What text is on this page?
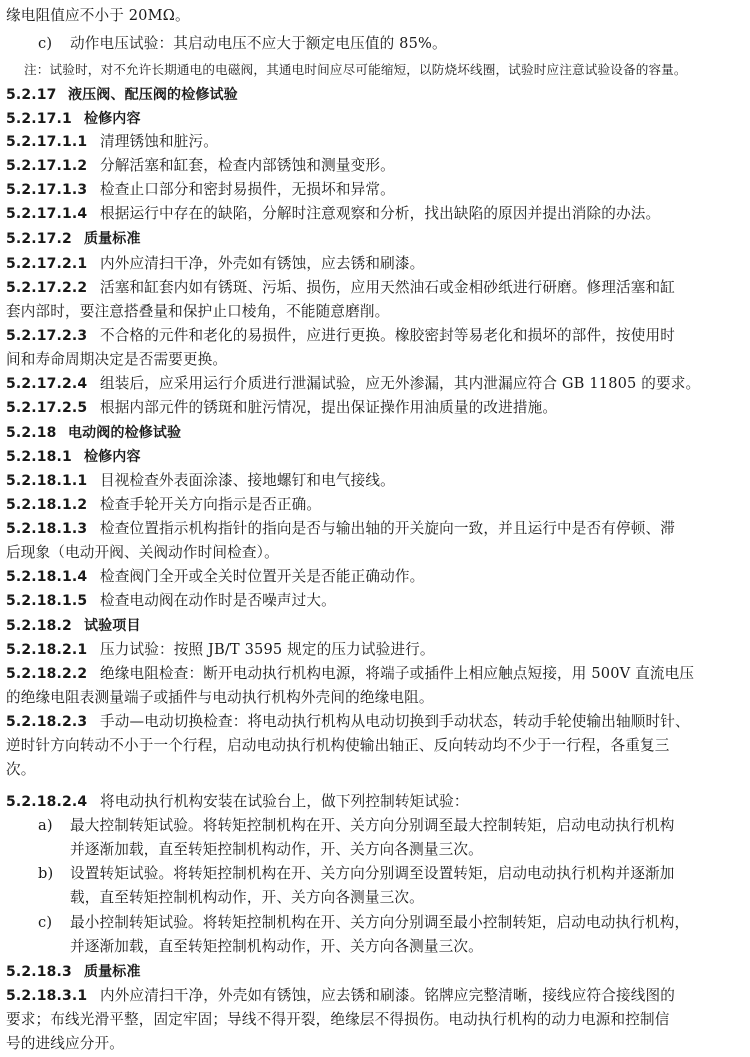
缘电阻值应不小于 20MΩ。
c) 动作电压试验：其启动电压不应大于额定电压值的 85%。
注：试验时，对不允许长期通电的电磁阀，其通电时间应尽可能缩短，以防烧坏线圈，试验时应注意试验设备的容量。
5.2.17 液压阀、配压阀的检修试验
5.2.17.1 检修内容
5.2.17.1.1 清理锈蚀和脏污。
5.2.17.1.2 分解活塞和缸套，检查内部锈蚀和测量变形。
5.2.17.1.3 检查止口部分和密封易损件，无损坏和异常。
5.2.17.1.4 根据运行中存在的缺陷，分解时注意观察和分析，找出缺陷的原因并提出消除的办法。
5.2.17.2 质量标准
5.2.17.2.1 内外应清扫干净，外壳如有锈蚀，应去锈和刷漆。
5.2.17.2.2 活塞和缸套内如有锈斑、污垢、损伤，应用天然油石或金相砂纸进行研磨。修理活塞和缸
套内部时，要注意搭叠量和保护止口棱角，不能随意磨削。
5.2.17.2.3 不合格的元件和老化的易损件，应进行更换。橡胶密封等易老化和损坏的部件，按使用时
间和寿命周期决定是否需要更换。
5.2.17.2.4 组装后，应采用运行介质进行泄漏试验，应无外渗漏，其内泄漏应符合 GB 11805 的要求。
5.2.17.2.5 根据内部元件的锈斑和脏污情况，提出保证操作用油质量的改进措施。
5.2.18 电动阀的检修试验
5.2.18.1 检修内容
5.2.18.1.1 目视检查外表面涂漆、接地螺钉和电气接线。
5.2.18.1.2 检查手轮开关方向指示是否正确。
5.2.18.1.3 检查位置指示机构指针的指向是否与输出轴的开关旋向一致，并且运行中是否有停顿、滞
后现象（电动开阀、关阀动作时间检查）。
5.2.18.1.4 检查阀门全开或全关时位置开关是否能正确动作。
5.2.18.1.5 检查电动阀在动作时是否噪声过大。
5.2.18.2 试验项目
5.2.18.2.1 压力试验：按照 JB/T 3595 规定的压力试验进行。
5.2.18.2.2 绝缘电阻检查：断开电动执行机构电源，将端子或插件上相应触点短接，用 500V 直流电压
的绝缘电阻表测量端子或插件与电动执行机构外壳间的绝缘电阻。
5.2.18.2.3 手动—电动切换检查：将电动执行机构从电动切换到手动状态，转动手轮使输出轴顺时针、
逆时针方向转动不小于一个行程，启动电动执行机构使输出轴正、反向转动均不少于一行程，各重复三
次。
5.2.18.2.4 将电动执行机构安装在试验台上，做下列控制转矩试验：
a) 最大控制转矩试验。将转矩控制机构在开、关方向分别调至最大控制转矩，启动电动执行机构
并逐渐加载，直至转矩控制机构动作，开、关方向各测量三次。
b) 设置转矩试验。将转矩控制机构在开、关方向分别调至设置转矩，启动电动执行机构并逐渐加
载，直至转矩控制机构动作，开、关方向各测量三次。
c) 最小控制转矩试验。将转矩控制机构在开、关方向分别调至最小控制转矩，启动电动执行机构，
并逐渐加载，直至转矩控制机构动作，开、关方向各测量三次。
5.2.18.3 质量标准
5.2.18.3.1 内外应清扫干净，外壳如有锈蚀，应去锈和刷漆。铭牌应完整清晰，接线应符合接线图的
要求；布线光滑平整，固定牢固；导线不得开裂，绝缘层不得损伤。电动执行机构的动力电源和控制信
号的进线应分开。
